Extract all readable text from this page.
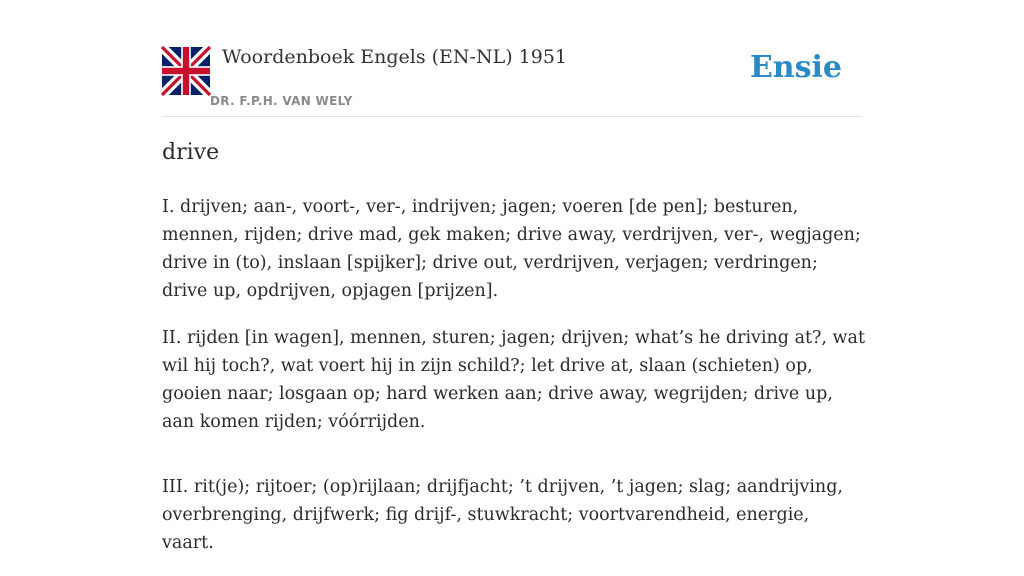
Woordenboek Engels (EN-NL) 1951
DR. F.P.H. VAN WELY
Ensie
drive

I. drijven; aan-, voort-, ver-, indrijven; jagen; voeren [de pen]; besturen, mennen, rijden; drive mad, gek maken; drive away, verdrijven, ver-, wegjagen; drive in (to), inslaan [spijker]; drive out, verdrijven, verjagen; verdringen; drive up, opdrijven, opjagen [prijzen].

II. rijden [in wagen], mennen, sturen; jagen; drijven; what’s he driving at?, wat wil hij toch?, wat voert hij in zijn schild?; let drive at, slaan (schieten) op, gooien naar; losgaan op; hard werken aan; drive away, wegrijden; drive up, aan komen rijden; vóórrijden.

III. rit(je); rijtoer; (op)rijlaan; drijfjacht; ’t drijven, ’t jagen; slag; aandrijving, overbrenging, drijfwerk; fig drijf-, stuwkracht; voortvarendheid, energie, vaart.
